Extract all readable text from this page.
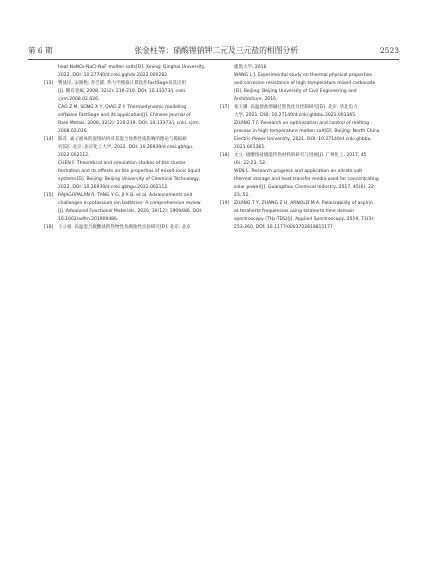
第 6 期	张金柱等：硝酸锂钠钾二元及三元盐的相图分析	2523
heat NaNO₃-NaCl-NaF molten salts[D]. Xining: Qinghai University,
2022. DOI: 10.27740/d.cnki.gqhdx.2022.000282.
[13] 曹战民, 宋晓艳, 乔芝郁. 热力学模拟计算软件FactSage及其应用
[J]. 稀有金属, 2008, 32(2): 216-219. DOI: 10.13373/j. cnki.
cjrm.2008.02.026.
CAO Z M, SONG X Y, QIAO Z Y. Thermodynamic modeling
software FactSage and its application[J]. Chinese Journal of
Rare Metals, 2008, 32(2): 216-219. DOI: 10.13373/j. cnki. cjrm.
2008.02.026.
[14] 陈芬. 离子液体的混熔结构对其混合体系性质影响的理论与模拟研
究[D]. 北京: 北京化工大学, 2022. DOI: 10.26939/d.cnki.gbhgu.
2022.002112.
CHEN F. Theoretical and simulation studies of the cluster
formation and its effects on the properties of mixed ionic liquid
systems[D]. Beijing: Beijing University of Chemical Technology,
2022. DOI: 10.26939/d.cnki.gbhgu.2022.002112.
[15] RAJAGOPALAN R, TANG Y G, JI X B, et al. Advancements and
challenges in potassium ion batteries: A comprehensive review
[J]. Advanced Functional Materials, 2020, 30(12): 1909486. DOI:
10.1002/adfm.201909486.
[16] 王立娟. 高温混合碳酸盐的热物性及腐蚀性实验研究[D]. 北京: 北京
建筑大学, 2016.
WANG L J. Experimental study on thermal physical properties
and corrosion resistance of high temperature mixed carbonate
[D]. Beijing: Beijing University of Civil Engineering and
Architecture, 2016.
[17] 张天骥. 高温熔盐熔融过程优化及控制研究[D]. 北京: 华北电力
大学, 2021. DOI: 10.27140/d.cnki.ghbbu.2021.001365.
ZHANG T F. Research on optimization and control of melting
process in high temperature molten salt[D]. Beijing: North China
Electric Power University, 2021. DOI: 10.27140/d.cnki.ghbbu.
2021.001365.
[18] 文立. 硝酸熔盐储能传热材料的研究与进展[J]. 广州化工, 2017, 45
(6): 22-23, 52.
WEN L. Research progress and application on nitrate salt
thermal storage and heat transfer media used for concentrating
solar power[J]. Guangzhou Chemical Industry, 2017, 45(6): 22-
23, 52.
[19] ZHANG T Y, ZHANG Z H, ARNOLD M A. Polarizability of aspirin
at terahertz frequencies using terahertz time domain
spectroscopy (THz-TDS)[J]. Applied Spectroscopy, 2019, 73(3):
253-260. DOI: 10.1177/0003702818815177.
